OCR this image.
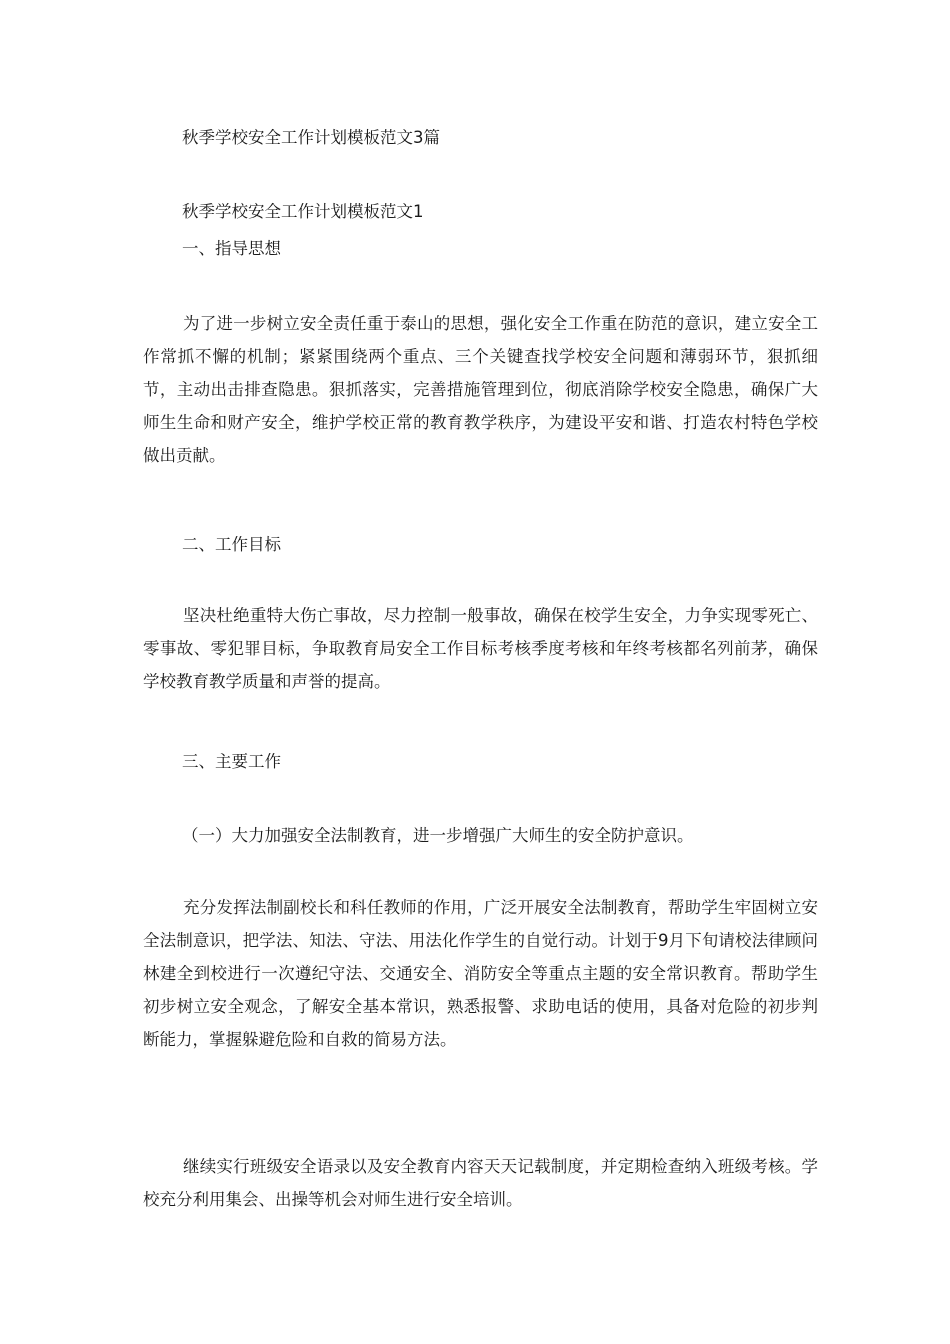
秋季学校安全工作计划模板范文3篇
秋季学校安全工作计划模板范文1
一、指导思想
为了进一步树立安全责任重于泰山的思想，强化安全工作重在防范的意识，建立安全工作常抓不懈的机制；紧紧围绕两个重点、三个关键查找学校安全问题和薄弱环节，狠抓细节，主动出击排查隐患。狠抓落实，完善措施管理到位，彻底消除学校安全隐患，确保广大师生生命和财产安全，维护学校正常的教育教学秩序，为建设平安和谐、打造农村特色学校做出贡献。
二、工作目标
坚决杜绝重特大伤亡事故，尽力控制一般事故，确保在校学生安全，力争实现零死亡、零事故、零犯罪目标，争取教育局安全工作目标考核季度考核和年终考核都名列前茅，确保学校教育教学质量和声誉的提高。
三、主要工作
（一）大力加强安全法制教育，进一步增强广大师生的安全防护意识。
充分发挥法制副校长和科任教师的作用，广泛开展安全法制教育，帮助学生牢固树立安全法制意识，把学法、知法、守法、用法化作学生的自觉行动。计划于9月下旬请校法律顾问林建全到校进行一次遵纪守法、交通安全、消防安全等重点主题的安全常识教育。帮助学生初步树立安全观念，了解安全基本常识，熟悉报警、求助电话的使用，具备对危险的初步判断能力，掌握躲避危险和自救的简易方法。
继续实行班级安全语录以及安全教育内容天天记载制度，并定期检查纳入班级考核。学校充分利用集会、出操等机会对师生进行安全培训。
